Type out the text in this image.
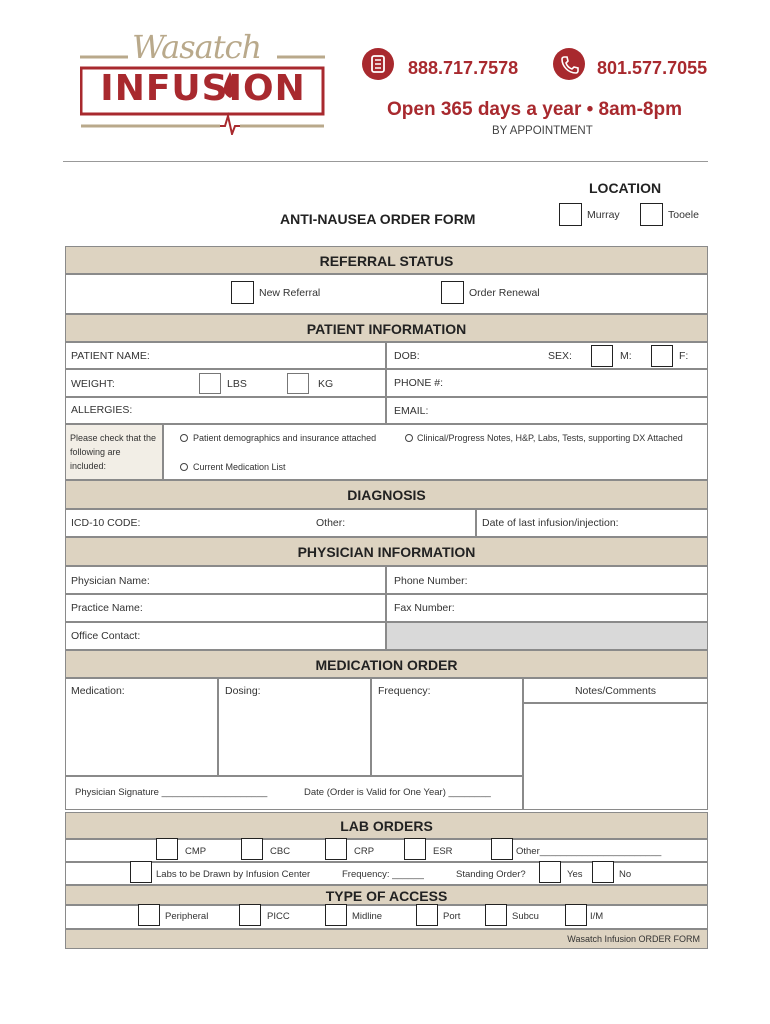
Wasatch
INFUSION	888.717.7578	801.577.7055
Open 365 days a year • 8am-8pm
BY APPOINTMENT
LOCATION
Murray	Tooele
ANTI-NAUSEA ORDER FORM
REFERRAL STATUS
New Referral	Order Renewal
PATIENT INFORMATION
PATIENT NAME:	DOB:	SEX:	M:	F:
WEIGHT:	LBS	KG	PHONE #:
ALLERGIES:	EMAIL:
Please check that the following are included:
Patient demographics and insurance attached	Clinical/Progress Notes, H&P, Labs, Tests, supporting DX Attached
Current Medication List
DIAGNOSIS
ICD-10 CODE:	Other:	Date of last infusion/injection:
PHYSICIAN INFORMATION
Physician Name:	Phone Number:
Practice Name:	Fax Number:
Office Contact:
MEDICATION ORDER
Medication:	Dosing:	Frequency:	Notes/Comments
Physician Signature ____________________	Date (Order is Valid for One Year) ________
LAB ORDERS
CMP	CBC	CRP	ESR	Other_______________________
Labs to be Drawn by Infusion Center	Frequency: ______	Standing Order?	Yes	No
TYPE OF ACCESS
Peripheral	PICC	Midline	Port	Subcu	I/M
Wasatch Infusion ORDER FORM
